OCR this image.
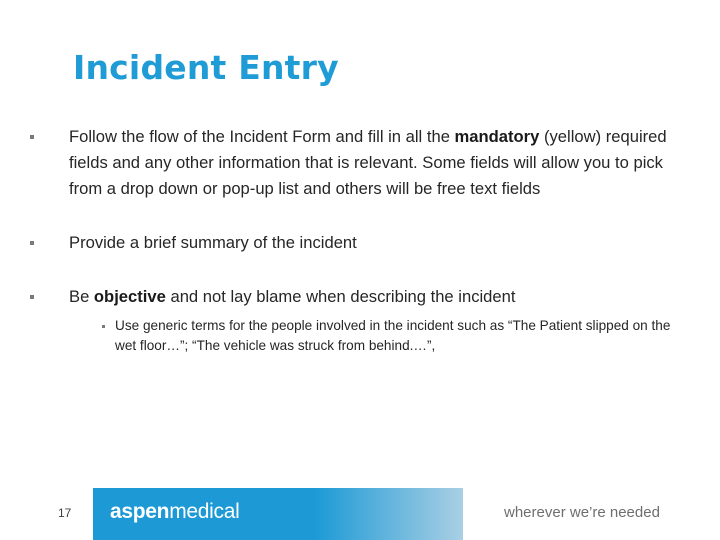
Incident Entry
Follow the flow of the Incident Form and fill in all the mandatory (yellow) required fields and any other information that is relevant. Some fields will allow you to pick from a drop down or pop-up list and others will be free text fields
Provide a brief summary of the incident
Be objective and not lay blame when describing the incident
Use generic terms for the people involved in the incident such as “The Patient slipped on the wet floor…”; “The vehicle was struck from behind.…”,
17 aspenmedical	wherever we’re needed
